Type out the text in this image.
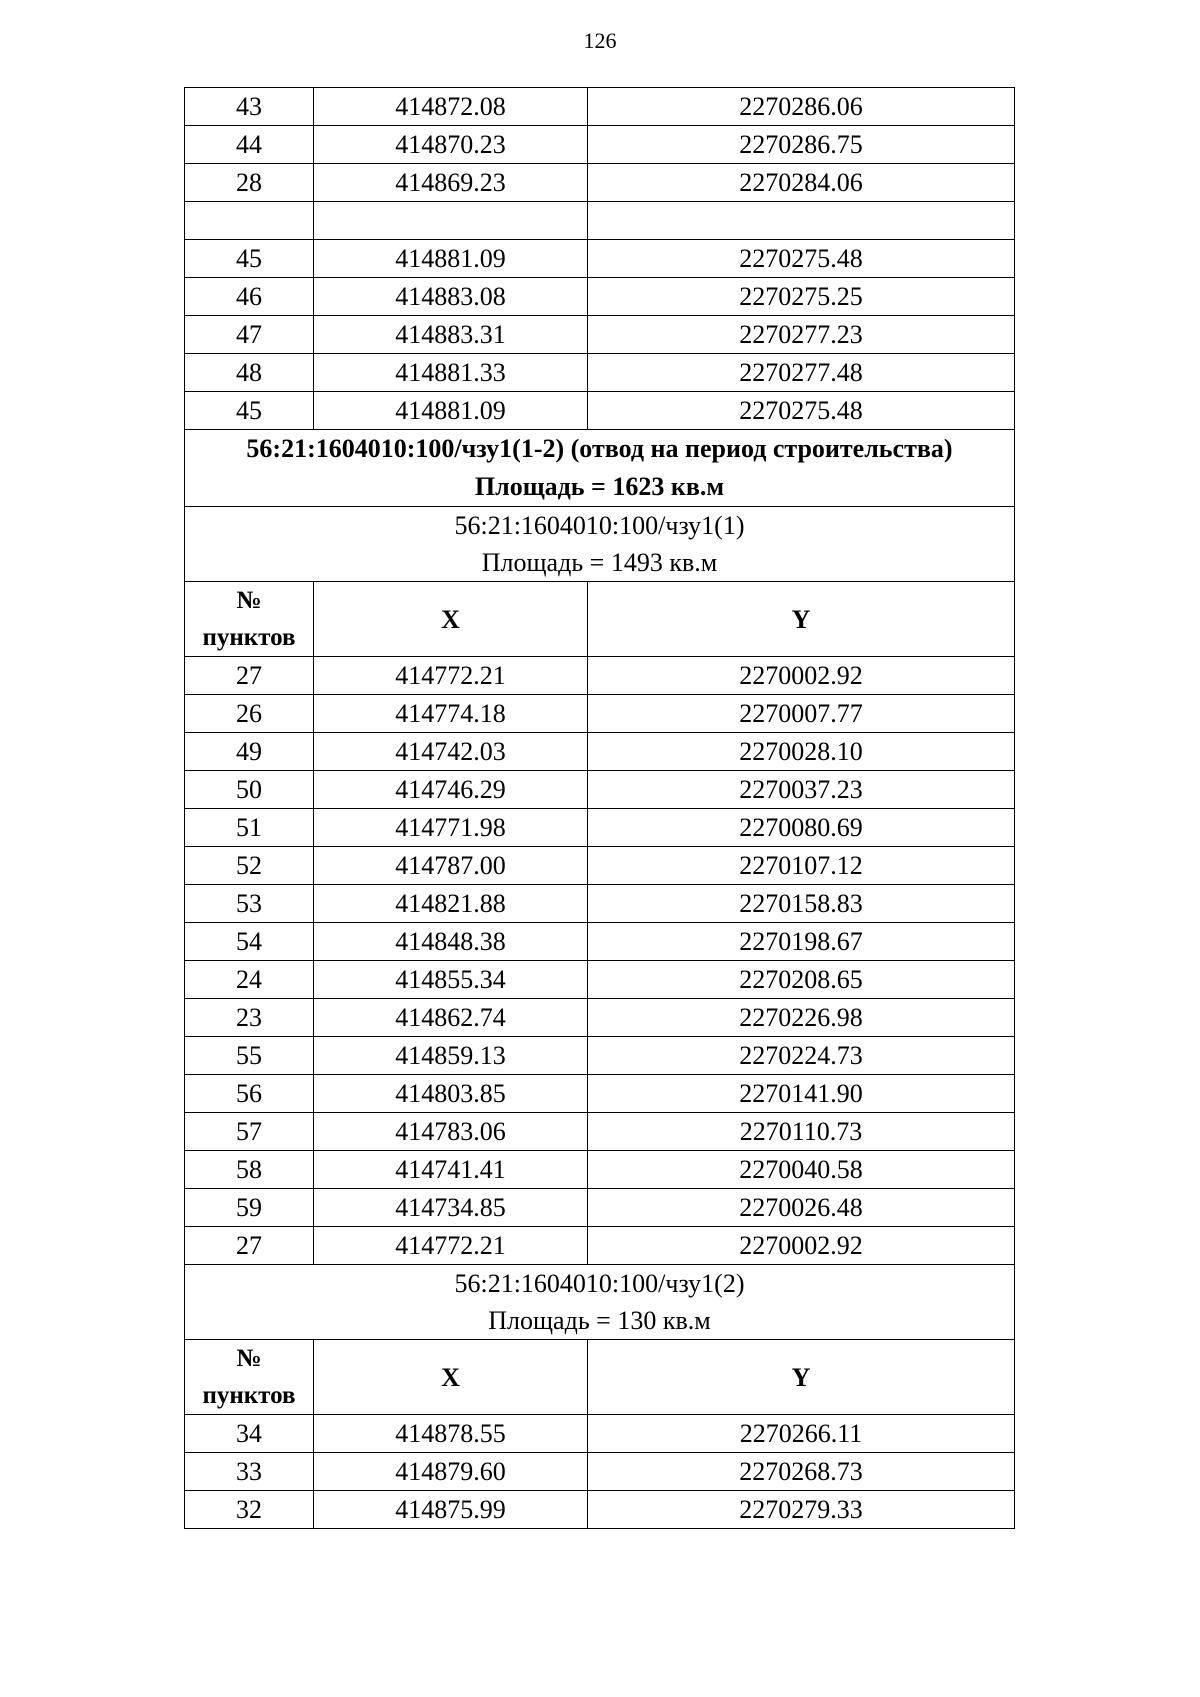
126
43	414872.08	2270286.06
44	414870.23	2270286.75
28	414869.23	2270284.06

45	414881.09	2270275.48
46	414883.08	2270275.25
47	414883.31	2270277.23
48	414881.33	2270277.48
45	414881.09	2270275.48

56:21:1604010:100/чзу1(1-2) (отвод на период строительства)
Площадь = 1623 кв.м		

56:21:1604010:100/чзу1(1)
Площадь = 1493 кв.м		

№
пунктов	X	Y
27	414772.21	2270002.92
26	414774.18	2270007.77
49	414742.03	2270028.10
50	414746.29	2270037.23
51	414771.98	2270080.69
52	414787.00	2270107.12
53	414821.88	2270158.83
54	414848.38	2270198.67
24	414855.34	2270208.65
23	414862.74	2270226.98
55	414859.13	2270224.73
56	414803.85	2270141.90
57	414783.06	2270110.73
58	414741.41	2270040.58
59	414734.85	2270026.48
27	414772.21	2270002.92

56:21:1604010:100/чзу1(2)
Площадь = 130 кв.м		

№
пунктов	X	Y
34	414878.55	2270266.11
33	414879.60	2270268.73
32	414875.99	2270279.33
